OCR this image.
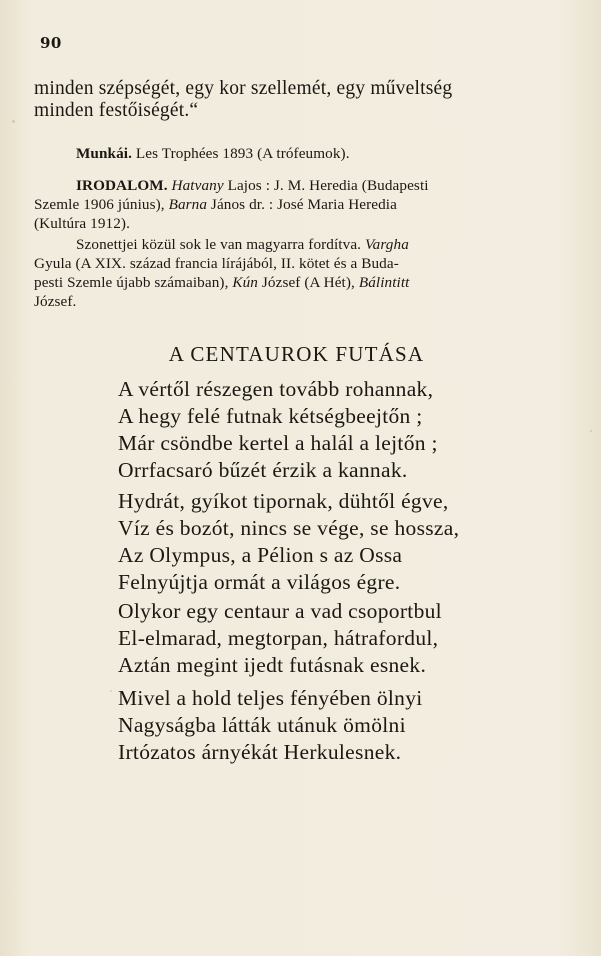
90
minden szépségét, egy kor szellemét, egy műveltség
minden festőiségét.“
Munkái. Les Trophées 1893 (A trófeumok).
IRODALOM. Hatvany Lajos : J. M. Heredia (Budapesti
Szemle 1906 június), Barna János dr. : José Maria Heredia
(Kultúra 1912).
Szonettjei közül sok le van magyarra fordítva. Vargha
Gyula (A XIX. század francia lírájából, II. kötet és a Buda-
pesti Szemle újabb számaiban), Kún József (A Hét), Bálintitt
József.
A CENTAUROK FUTÁSA
A vértől részegen tovább rohannak,
A hegy felé futnak kétségbeejtőn ;
Már csöndbe kertel a halál a lejtőn ;
Orrfacsaró bűzét érzik a kannak.
Hydrát, gyíkot tipornak, dühtől égve,
Víz és bozót, nincs se vége, se hossza,
Az Olympus, a Pélion s az Ossa
Felnyújtja ormát a világos égre.
Olykor egy centaur a vad csoportbul
El-elmarad, megtorpan, hátrafordul,
Aztán megint ijedt futásnak esnek.
Mivel a hold teljes fényében ölnyi
Nagyságba látták utánuk ömölni
Irtózatos árnyékát Herkulesnek.
